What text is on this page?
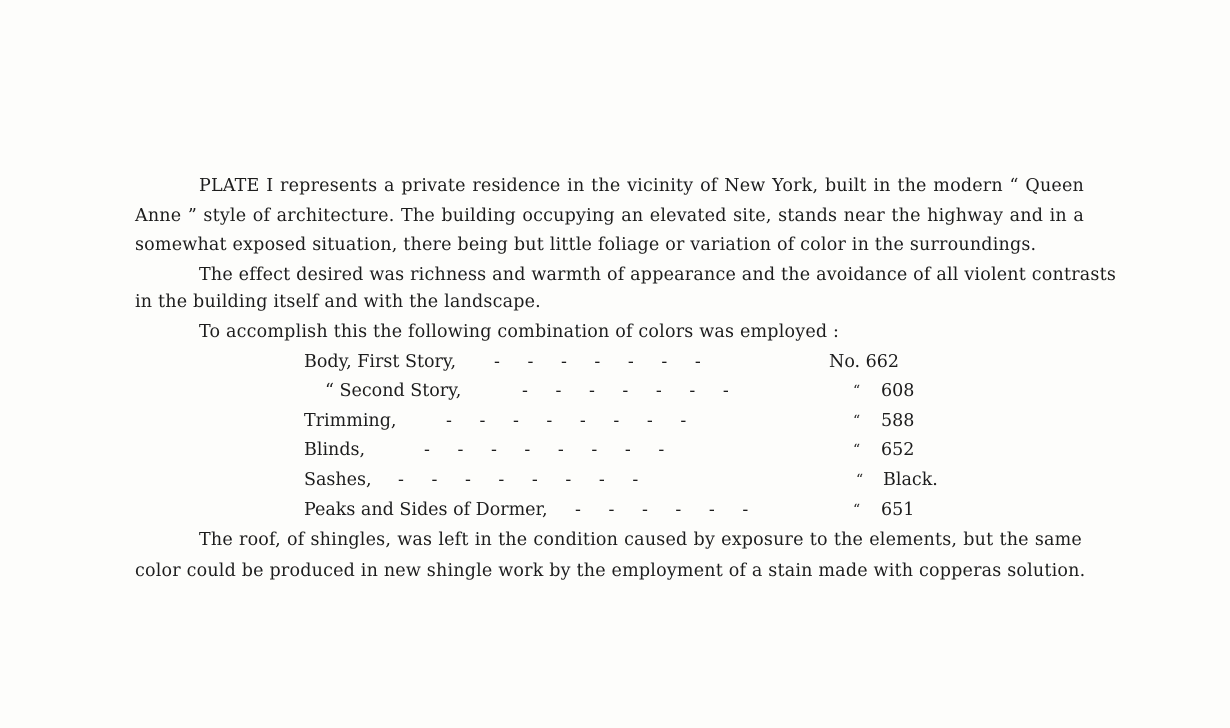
PLATE I represents a private residence in the vicinity of New York, built in the modern “ Queen
Anne ” style of architecture. The building occupying an elevated site, stands near the highway and in a
somewhat exposed situation, there being but little foliage or variation of color in the surroundings.
The effect desired was richness and warmth of appearance and the avoidance of all violent contrasts
in the building itself and with the landscape.
To accomplish this the following combination of colors was employed :
Body, First Story, - - - - - - -	No. 662
“ Second Story,	- - - - - - -	“ 608
Trimming,	- - - - - - - -	“ 588
Blinds,	- - - - - - - -	“ 652
Sashes, - - - - - - - -	“ Black.
Peaks and Sides of Dormer, - - - - - -	“ 651
The roof, of shingles, was left in the condition caused by exposure to the elements, but the same
color could be produced in new shingle work by the employment of a stain made with copperas solution.
